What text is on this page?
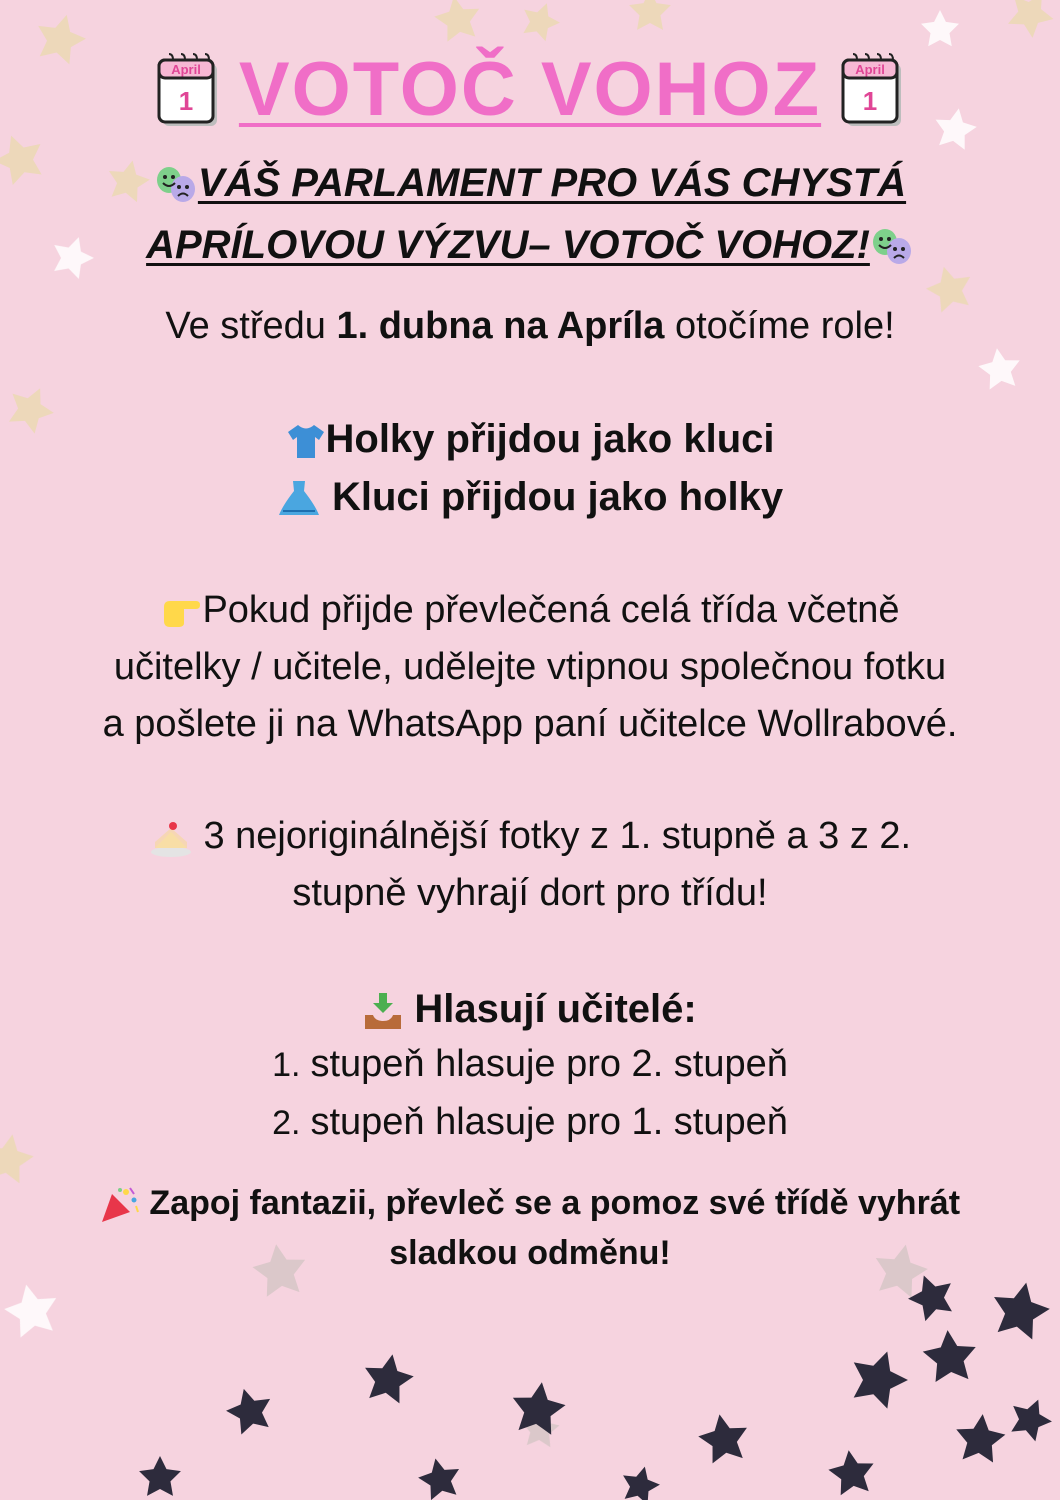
April
1 VOTOČ VOHOZ	April
1
VÁŠ PARLAMENT PRO VÁS CHYSTÁ
APRÍLOVOU VÝZVU– VOTOČ VOHOZ!
Ve středu 1. dubna na Apríla otočíme role!
Holky přijdou jako kluci
Kluci přijdou jako holky
Pokud přijde převlečená celá třída včetně
učitelky / učitele, udělejte vtipnou společnou fotku
a pošlete ji na WhatsApp paní učitelce Wollrabové.
3 nejoriginálnější fotky z 1. stupně a 3 z 2.
stupně vyhrají dort pro třídu!
Hlasují učitelé:
1. stupeň hlasuje pro 2. stupeň
2. stupeň hlasuje pro 1. stupeň
Zapoj fantazii, převleč se a pomoz své třídě vyhrát
sladkou odměnu!
